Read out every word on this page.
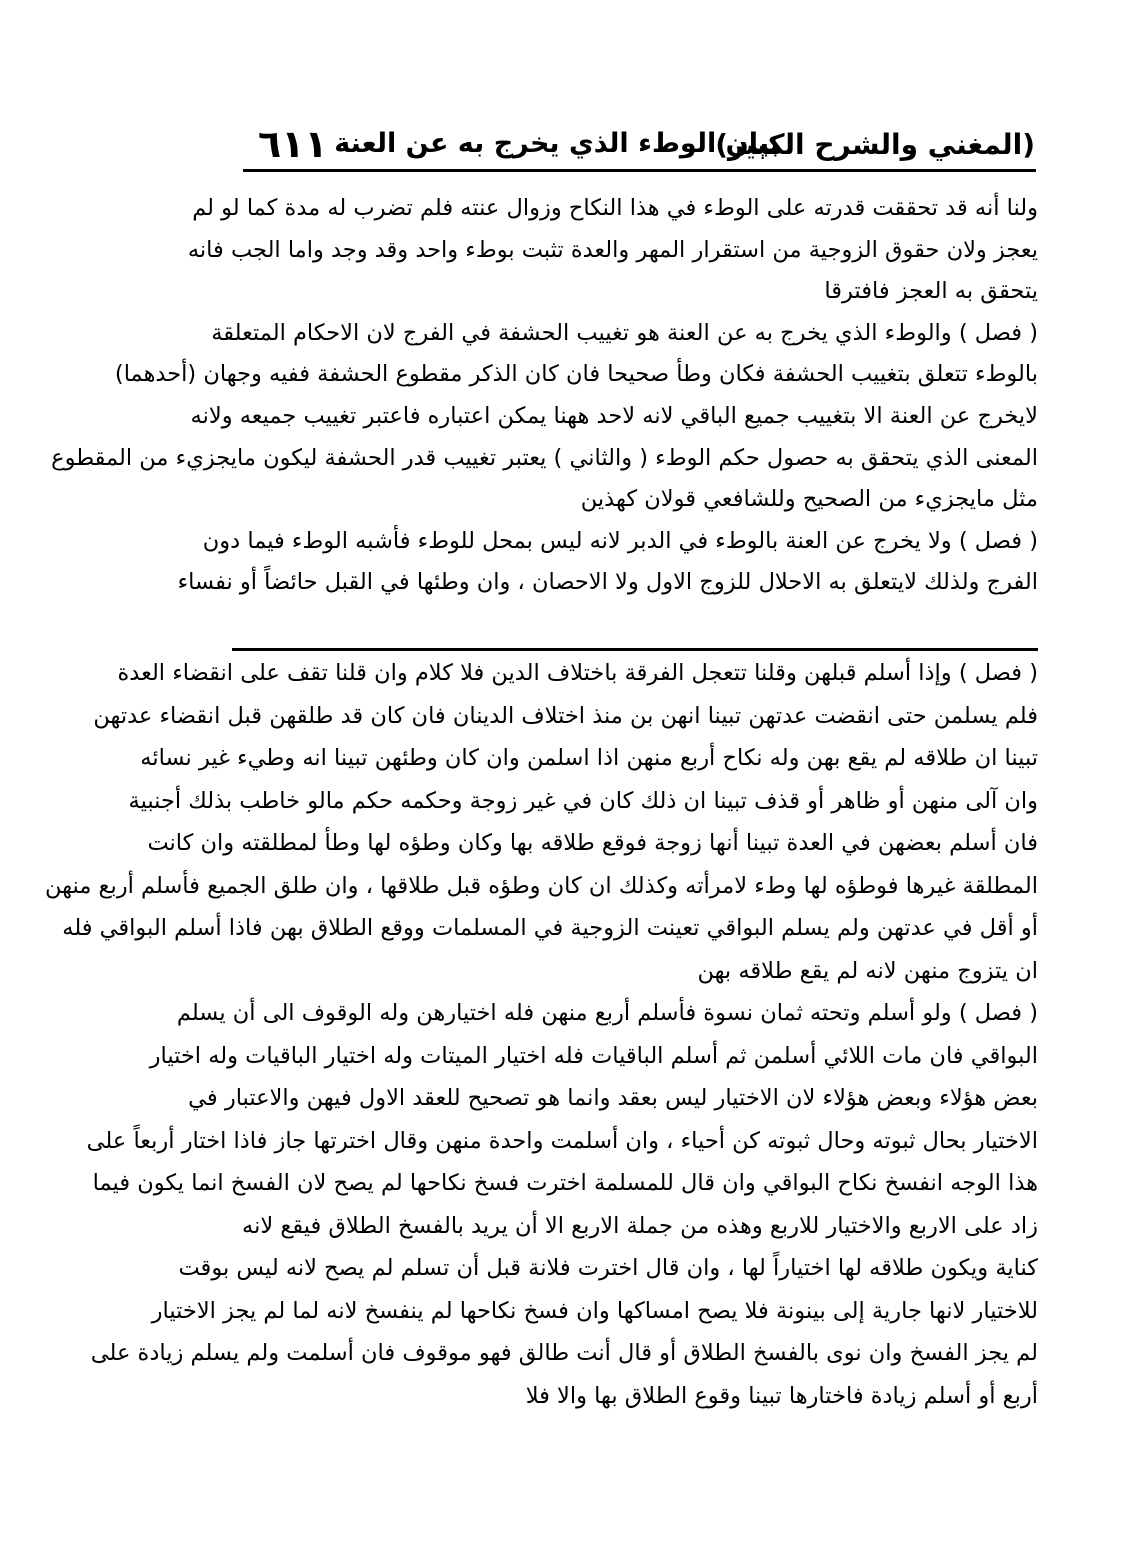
(المغني والشرح الكبير)
بيان الوطء الذي يخرج به عن العنة
٦١١
ولنا أنه قد تحققت قدرته على الوطء في هذا النكاح وزوال عنته فلم تضرب له مدة كما لو لم
يعجز ولان حقوق الزوجية من استقرار المهر والعدة تثبت بوطء واحد وقد وجد واما الجب فانه
يتحقق به العجز فافترقا
( فصل ) والوطء الذي يخرج به عن العنة هو تغييب الحشفة في الفرج لان الاحكام المتعلقة
بالوطء تتعلق بتغييب الحشفة فكان وطأ صحيحا فان كان الذكر مقطوع الحشفة ففيه وجهان (أحدهما)
لايخرج عن العنة الا بتغييب جميع الباقي لانه لاحد ههنا يمكن اعتباره فاعتبر تغييب جميعه ولانه
المعنى الذي يتحقق به حصول حكم الوطء ( والثاني ) يعتبر تغييب قدر الحشفة ليكون مايجزيء من المقطوع
مثل مايجزيء من الصحيح وللشافعي قولان كهذين
( فصل ) ولا يخرج عن العنة بالوطء في الدبر لانه ليس بمحل للوطء فأشبه الوطء فيما دون
الفرج ولذلك لايتعلق به الاحلال للزوج الاول ولا الاحصان ، وان وطئها في القبل حائضاً أو نفساء
( فصل ) وإذا أسلم قبلهن وقلنا تتعجل الفرقة باختلاف الدين فلا كلام وان قلنا تقف على انقضاء العدة
فلم يسلمن حتى انقضت عدتهن تبينا انهن بن منذ اختلاف الدينان فان كان قد طلقهن قبل انقضاء عدتهن
تبينا ان طلاقه لم يقع بهن وله نكاح أربع منهن اذا اسلمن وان كان وطئهن تبينا انه وطيء غير نسائه
وان آلى منهن أو ظاهر أو قذف تبينا ان ذلك كان في غير زوجة وحكمه حكم مالو خاطب بذلك أجنبية
فان أسلم بعضهن في العدة تبينا أنها زوجة فوقع طلاقه بها وكان وطؤه لها وطأ لمطلقته وان كانت
المطلقة غيرها فوطؤه لها وطء لامرأته وكذلك ان كان وطؤه قبل طلاقها ، وان طلق الجميع فأسلم أربع منهن
أو أقل في عدتهن ولم يسلم البواقي تعينت الزوجية في المسلمات ووقع الطلاق بهن فاذا أسلم البواقي فله
ان يتزوج منهن لانه لم يقع طلاقه بهن
( فصل ) ولو أسلم وتحته ثمان نسوة فأسلم أربع منهن فله اختيارهن وله الوقوف الى أن يسلم
البواقي فان مات اللائي أسلمن ثم أسلم الباقيات فله اختيار الميتات وله اختيار الباقيات وله اختيار
بعض هؤلاء وبعض هؤلاء لان الاختيار ليس بعقد وانما هو تصحيح للعقد الاول فيهن والاعتبار في
الاختيار بحال ثبوته وحال ثبوته كن أحياء ، وان أسلمت واحدة منهن وقال اخترتها جاز فاذا اختار أربعاً على
هذا الوجه انفسخ نكاح البواقي وان قال للمسلمة اخترت فسخ نكاحها لم يصح لان الفسخ انما يكون فيما
زاد على الاربع والاختيار للاربع وهذه من جملة الاربع الا أن يريد بالفسخ الطلاق فيقع لانه
كناية ويكون طلاقه لها اختياراً لها ، وان قال اخترت فلانة قبل أن تسلم لم يصح لانه ليس بوقت
للاختيار لانها جارية إلى بينونة فلا يصح امساكها وان فسخ نكاحها لم ينفسخ لانه لما لم يجز الاختيار
لم يجز الفسخ وان نوى بالفسخ الطلاق أو قال أنت طالق فهو موقوف فان أسلمت ولم يسلم زيادة على
أربع أو أسلم زيادة فاختارها تبينا وقوع الطلاق بها والا فلا
